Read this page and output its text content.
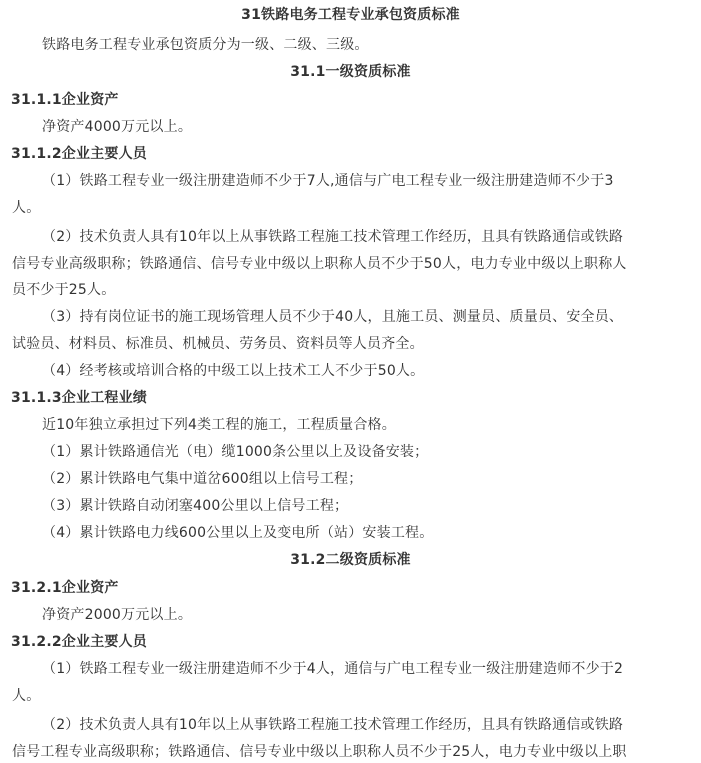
31铁路电务工程专业承包资质标准
铁路电务工程专业承包资质分为一级、二级、三级。
31.1一级资质标准
31.1.1企业资产
净资产4000万元以上。
31.1.2企业主要人员
（1）铁路工程专业一级注册建造师不少于7人,通信与广电工程专业一级注册建造师不少于3
人。
（2）技术负责人具有10年以上从事铁路工程施工技术管理工作经历，且具有铁路通信或铁路
信号专业高级职称；铁路通信、信号专业中级以上职称人员不少于50人，电力专业中级以上职称人
员不少于25人。
（3）持有岗位证书的施工现场管理人员不少于40人，且施工员、测量员、质量员、安全员、
试验员、材料员、标准员、机械员、劳务员、资料员等人员齐全。
（4）经考核或培训合格的中级工以上技术工人不少于50人。
31.1.3企业工程业绩
近10年独立承担过下列4类工程的施工，工程质量合格。
（1）累计铁路通信光（电）缆1000条公里以上及设备安装；
（2）累计铁路电气集中道岔600组以上信号工程；
（3）累计铁路自动闭塞400公里以上信号工程；
（4）累计铁路电力线600公里以上及变电所（站）安装工程。
31.2二级资质标准
31.2.1企业资产
净资产2000万元以上。
31.2.2企业主要人员
（1）铁路工程专业一级注册建造师不少于4人，通信与广电工程专业一级注册建造师不少于2
人。
（2）技术负责人具有10年以上从事铁路工程施工技术管理工作经历，且具有铁路通信或铁路
信号工程专业高级职称；铁路通信、信号专业中级以上职称人员不少于25人，电力专业中级以上职
